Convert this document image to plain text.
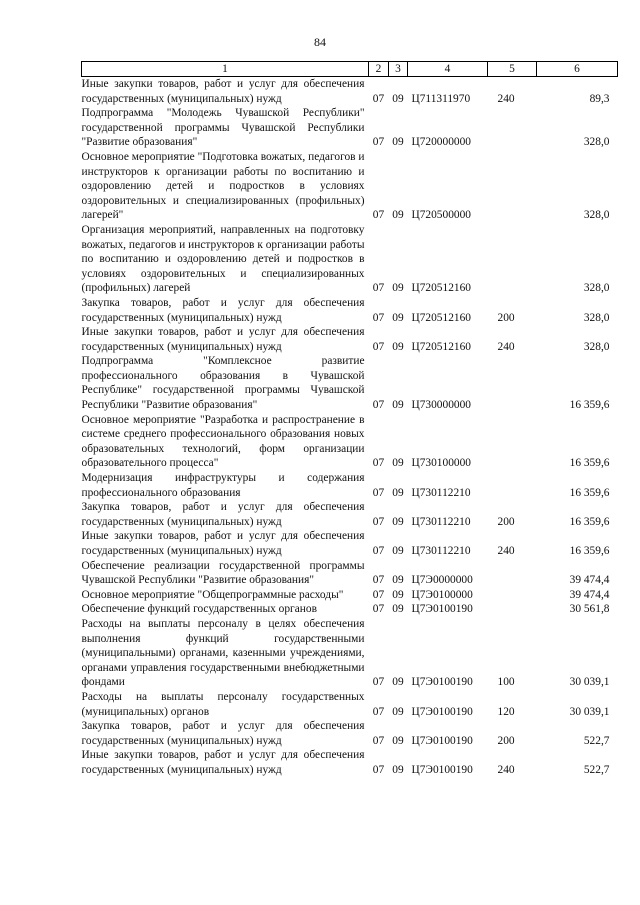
84
1	2	3	4	5	6
Иные закупки товаров, работ и услуг для обеспечения государственных (муниципальных) нужд	07	09	Ц711311970	240	89,3
Подпрограмма "Молодежь Чувашской Республики" государственной программы Чувашской Республики "Развитие образования"	07	09	Ц720000000		328,0
Основное мероприятие "Подготовка вожатых, педагогов и инструкторов к организации работы по воспитанию и оздоровлению детей и подростков в условиях оздоровительных и специализированных (профильных) лагерей"	07	09	Ц720500000		328,0
Организация мероприятий, направленных на подготовку вожатых, педагогов и инструкторов к организации работы по воспитанию и оздоровлению детей и подростков в условиях оздоровительных и специализированных (профильных) лагерей	07	09	Ц720512160		328,0
Закупка товаров, работ и услуг для обеспечения государственных (муниципальных) нужд	07	09	Ц720512160	200	328,0
Иные закупки товаров, работ и услуг для обеспечения государственных (муниципальных) нужд	07	09	Ц720512160	240	328,0
Подпрограмма "Комплексное развитие профессионального образования в Чувашской Республике" государственной программы Чувашской Республики "Развитие образования"	07	09	Ц730000000		16 359,6
Основное мероприятие "Разработка и распространение в системе среднего профессионального образования новых образовательных технологий, форм организации образовательного процесса"	07	09	Ц730100000		16 359,6
Модернизация инфраструктуры и содержания профессионального образования	07	09	Ц730112210		16 359,6
Закупка товаров, работ и услуг для обеспечения государственных (муниципальных) нужд	07	09	Ц730112210	200	16 359,6
Иные закупки товаров, работ и услуг для обеспечения государственных (муниципальных) нужд	07	09	Ц730112210	240	16 359,6
Обеспечение реализации государственной программы Чувашской Республики "Развитие образования"	07	09	Ц7Э0000000		39 474,4
Основное мероприятие "Общепрограммные расходы"	07	09	Ц7Э0100000		39 474,4
Обеспечение функций государственных органов	07	09	Ц7Э0100190		30 561,8
Расходы на выплаты персоналу в целях обеспечения выполнения функций государственными (муниципальными) органами, казенными учреждениями, органами управления государственными внебюджетными фондами	07	09	Ц7Э0100190	100	30 039,1
Расходы на выплаты персоналу государственных (муниципальных) органов	07	09	Ц7Э0100190	120	30 039,1
Закупка товаров, работ и услуг для обеспечения государственных (муниципальных) нужд	07	09	Ц7Э0100190	200	522,7
Иные закупки товаров, работ и услуг для обеспечения государственных (муниципальных) нужд	07	09	Ц7Э0100190	240	522,7
